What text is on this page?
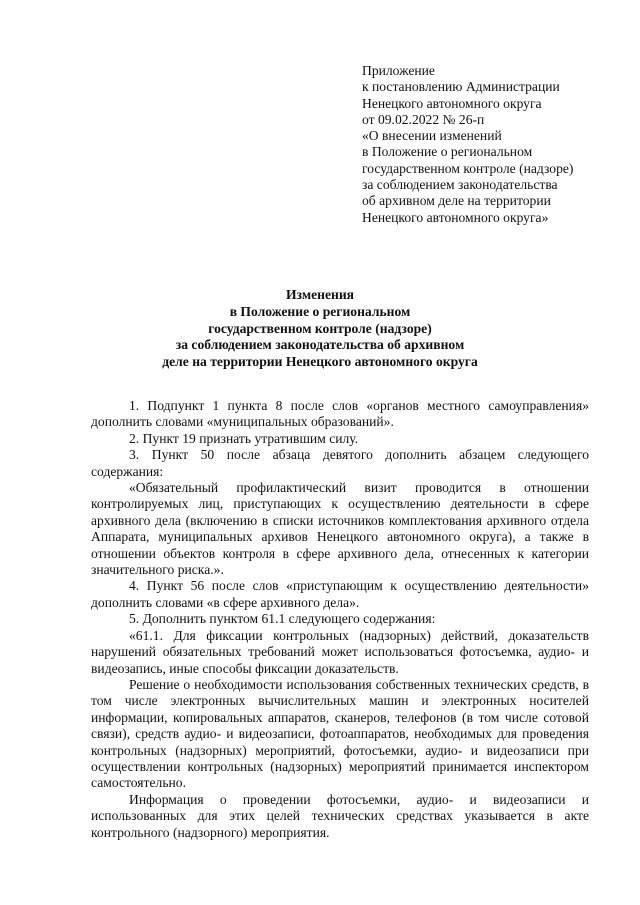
Приложение
к постановлению Администрации
Ненецкого автономного округа
от 09.02.2022 № 26-п
«О внесении изменений
в Положение о региональном
государственном контроле (надзоре)
за соблюдением законодательства
об архивном деле на территории
Ненецкого автономного округа»
Изменения
в Положение о региональном
государственном контроле (надзоре)
за соблюдением законодательства об архивном
деле на территории Ненецкого автономного округа

1. Подпункт 1 пункта 8 после слов «органов местного самоуправления» дополнить словами «муниципальных образований».

2. Пункт 19 признать утратившим силу.

3. Пункт 50 после абзаца девятого дополнить абзацем следующего содержания:

«Обязательный профилактический визит проводится в отношении контролируемых лиц, приступающих к осуществлению деятельности в сфере архивного дела (включению в списки источников комплектования архивного отдела Аппарата, муниципальных архивов Ненецкого автономного округа), а также в отношении объектов контроля в сфере архивного дела, отнесенных к категории значительного риска.».

4. Пункт 56 после слов «приступающим к осуществлению деятельности» дополнить словами «в сфере архивного дела».

5. Дополнить пунктом 61.1 следующего содержания:

«61.1. Для фиксации контрольных (надзорных) действий, доказательств нарушений обязательных требований может использоваться фотосъемка, аудио- и видеозапись, иные способы фиксации доказательств.

Решение о необходимости использования собственных технических средств, в том числе электронных вычислительных машин и электронных носителей информации, копировальных аппаратов, сканеров, телефонов (в том числе сотовой связи), средств аудио- и видеозаписи, фотоаппаратов, необходимых для проведения контрольных (надзорных) мероприятий, фотосъемки, аудио- и видеозаписи при осуществлении контрольных (надзорных) мероприятий принимается инспектором самостоятельно.

Информация о проведении фотосъемки, аудио- и видеозаписи и использованных для этих целей технических средствах указывается в акте контрольного (надзорного) мероприятия.
